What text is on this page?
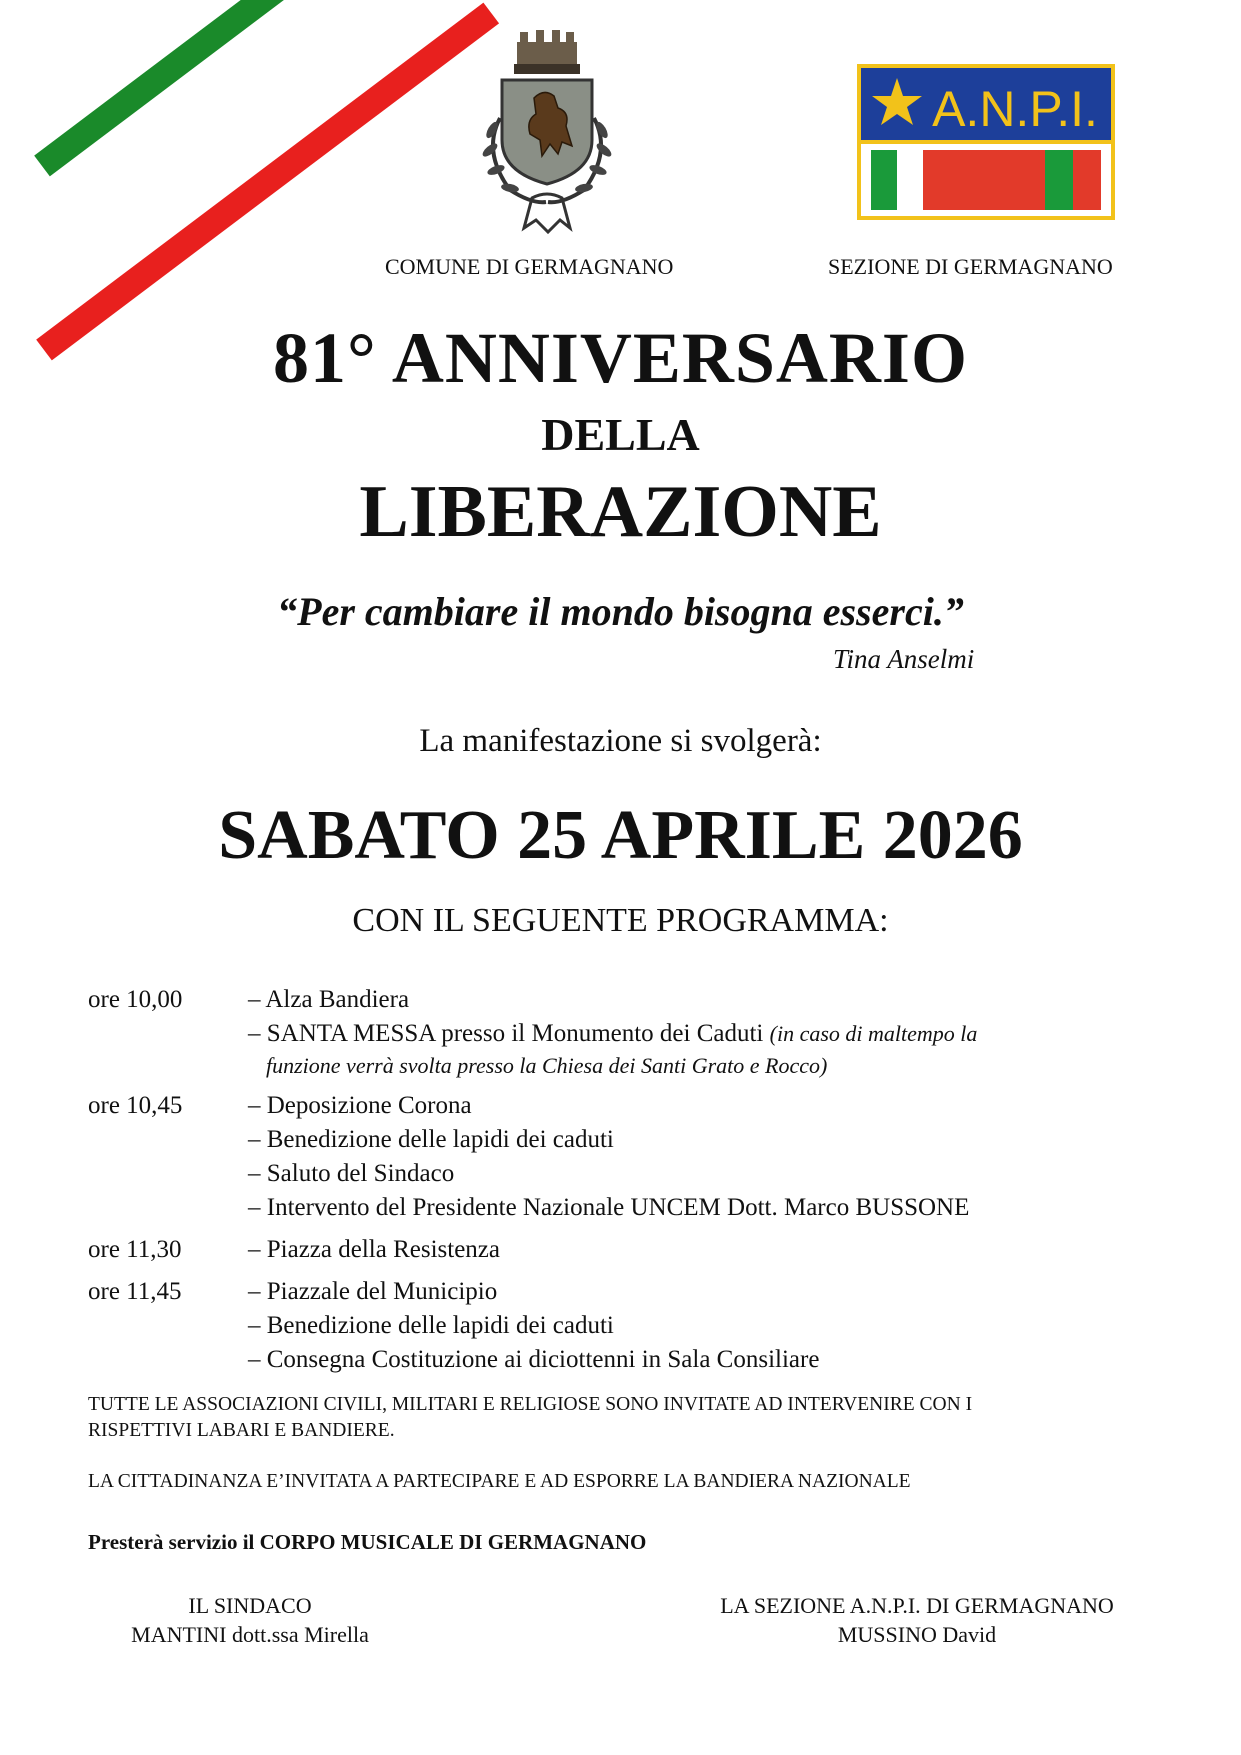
A.N.P.I.
COMUNE DI GERMAGNANO	SEZIONE DI GERMAGNANO
81° ANNIVERSARIO
DELLA
LIBERAZIONE
“Per cambiare il mondo bisogna esserci.”
Tina Anselmi
La manifestazione si svolgerà:
SABATO 25 APRILE 2026
CON IL SEGUENTE PROGRAMMA:
ore 10,00	– Alza Bandiera
– SANTA MESSA presso il Monumento dei Caduti (in caso di maltempo la
funzione verrà svolta presso la Chiesa dei Santi Grato e Rocco)
ore 10,45	– Deposizione Corona
– Benedizione delle lapidi dei caduti
– Saluto del Sindaco
– Intervento del Presidente Nazionale UNCEM Dott. Marco BUSSONE
ore 11,30	– Piazza della Resistenza
ore 11,45	– Piazzale del Municipio
– Benedizione delle lapidi dei caduti
– Consegna Costituzione ai diciottenni in Sala Consiliare
TUTTE LE ASSOCIAZIONI CIVILI, MILITARI E RELIGIOSE SONO INVITATE AD INTERVENIRE CON I
RISPETTIVI LABARI E BANDIERE.
LA CITTADINANZA E’INVITATA A PARTECIPARE E AD ESPORRE LA BANDIERA NAZIONALE
Presterà servizio il CORPO MUSICALE DI GERMAGNANO
IL SINDACO
MANTINI dott.ssa Mirella
LA SEZIONE A.N.P.I. DI GERMAGNANO
MUSSINO David
